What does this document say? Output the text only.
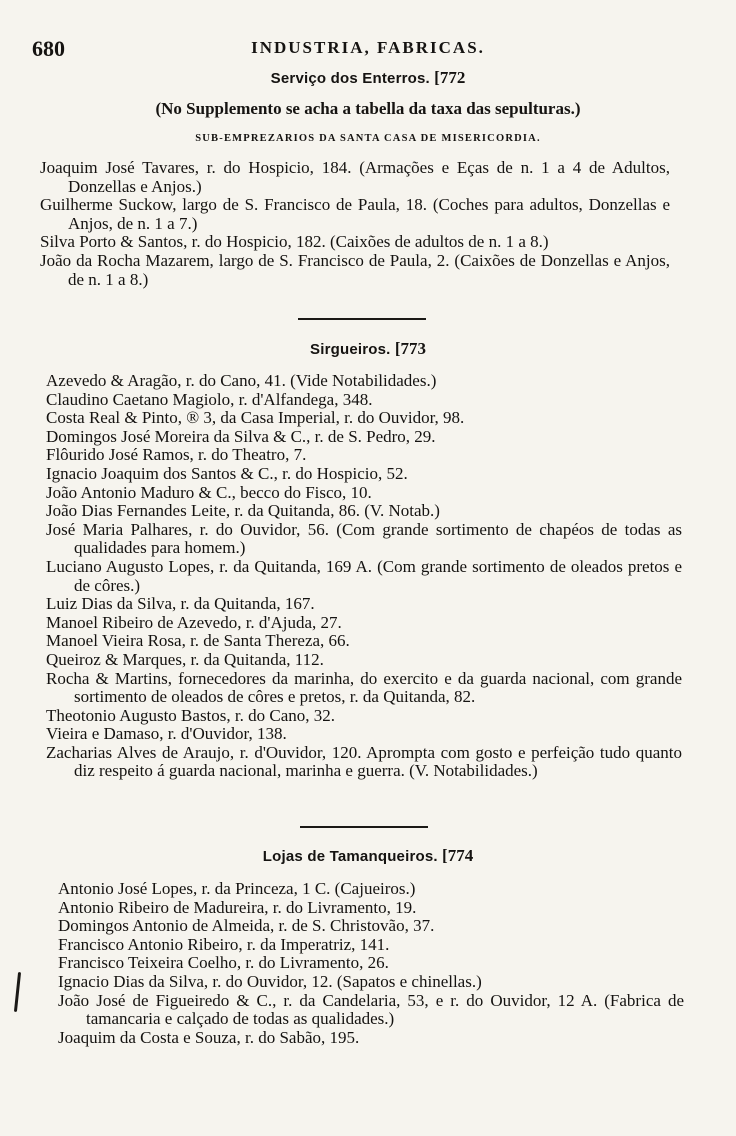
680	INDUSTRIA, FABRICAS.
Serviço dos Enterros. [772
(No Supplemento se acha a tabella da taxa das sepulturas.)
SUB-EMPREZARIOS DA SANTA CASA DE MISERICORDIA.
Joaquim José Tavares, r. do Hospicio, 184. (Armações e Eças de n. 1 a 4 de Adultos, Donzellas e Anjos.)
Guilherme Suckow, largo de S. Francisco de Paula, 18. (Coches para adultos, Donzellas e Anjos, de n. 1 a 7.)
Silva Porto & Santos, r. do Hospicio, 182. (Caixões de adultos de n. 1 a 8.)
João da Rocha Mazarem, largo de S. Francisco de Paula, 2. (Caixões de Donzellas e Anjos, de n. 1 a 8.)
Sirgueiros. [773
Azevedo & Aragão, r. do Cano, 41. (Vide Notabilidades.)
Claudino Caetano Magiolo, r. d'Alfandega, 348.
Costa Real & Pinto, ® 3, da Casa Imperial, r. do Ouvidor, 98.
Domingos José Moreira da Silva & C., r. de S. Pedro, 29.
Flôurido José Ramos, r. do Theatro, 7.
Ignacio Joaquim dos Santos & C., r. do Hospicio, 52.
João Antonio Maduro & C., becco do Fisco, 10.
João Dias Fernandes Leite, r. da Quitanda, 86. (V. Notab.)
José Maria Palhares, r. do Ouvidor, 56. (Com grande sortimento de chapéos de todas as qualidades para homem.)
Luciano Augusto Lopes, r. da Quitanda, 169 A. (Com grande sortimento de oleados pretos e de côres.)
Luiz Dias da Silva, r. da Quitanda, 167.
Manoel Ribeiro de Azevedo, r. d'Ajuda, 27.
Manoel Vieira Rosa, r. de Santa Thereza, 66.
Queiroz & Marques, r. da Quitanda, 112.
Rocha & Martins, fornecedores da marinha, do exercito e da guarda nacional, com grande sortimento de oleados de côres e pretos, r. da Quitanda, 82.
Theotonio Augusto Bastos, r. do Cano, 32.
Vieira e Damaso, r. d'Ouvidor, 138.
Zacharias Alves de Araujo, r. d'Ouvidor, 120. Apromptа com gosto e perfeição tudo quanto diz respeito á guarda nacional, marinha e guerra. (V. Notabilidades.)
Lojas de Tamanqueiros. [774
Antonio José Lopes, r. da Princeza, 1 C. (Cajueiros.)
Antonio Ribeiro de Madureira, r. do Livramento, 19.
Domingos Antonio de Almeida, r. de S. Christovão, 37.
Francisco Antonio Ribeiro, r. da Imperatriz, 141.
Francisco Teixeira Coelho, r. do Livramento, 26.
Ignacio Dias da Silva, r. do Ouvidor, 12. (Sapatos e chinellas.)
João José de Figueiredo & C., r. da Candelaria, 53, e r. do Ouvidor, 12 A. (Fabrica de tamancaria e calçado de todas as qualidades.)
Joaquim da Costa e Souza, r. do Sabão, 195.
